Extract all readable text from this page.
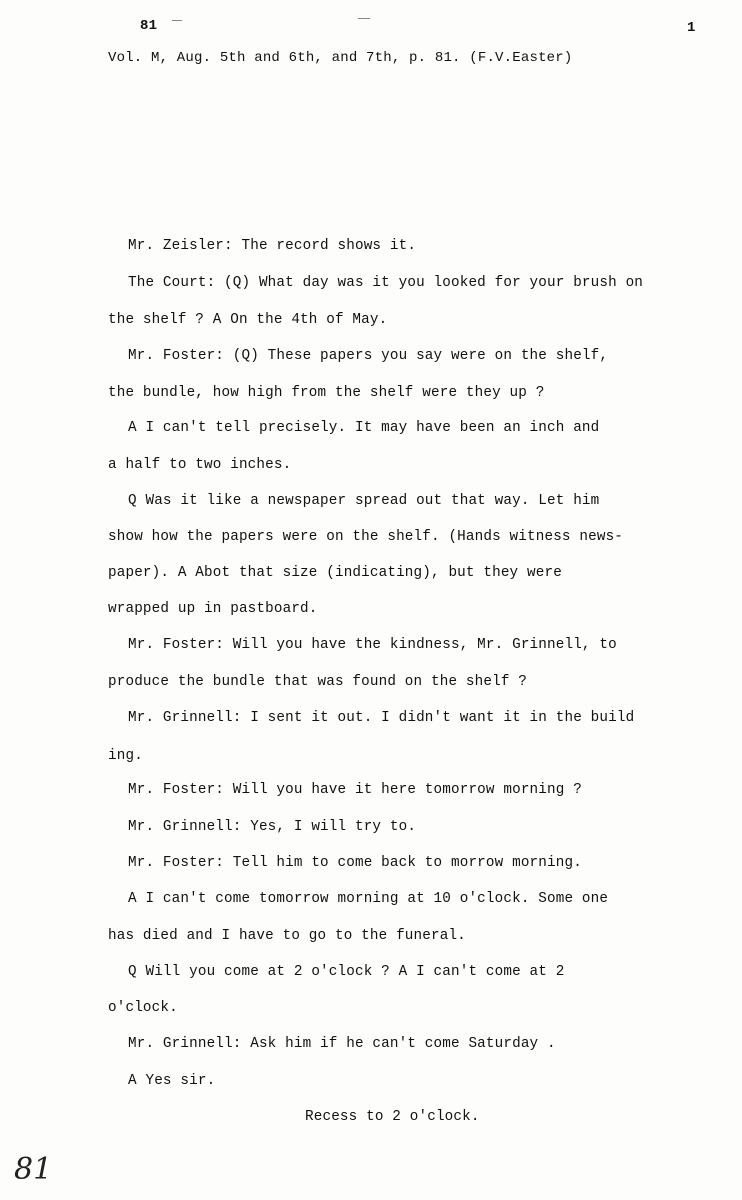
81	1
Vol. M, Aug. 5th and 6th, and 7th, p. 81. (F.V.Easter)
Mr. Zeisler: The record shows it.
The Court: (Q) What day was it you looked for your brush on
the shelf ? A On the 4th of May.
Mr. Foster: (Q) These papers you say were on the shelf,
the bundle, how high from the shelf were they up ?
A I can't tell precisely. It may have been an inch and
a half to two inches.
Q Was it like a newspaper spread out that way. Let him
show how the papers were on the shelf. (Hands witness news-
paper). A Abot that size (indicating), but they were
wrapped up in pastboard.
Mr. Foster: Will you have the kindness, Mr. Grinnell, to
produce the bundle that was found on the shelf ?
Mr. Grinnell: I sent it out. I didn't want it in the build
ing.
Mr. Foster: Will you have it here tomorrow morning ?
Mr. Grinnell: Yes, I will try to.
Mr. Foster: Tell him to come back to morrow morning.
A I can't come tomorrow morning at 10 o'clock. Some one
has died and I have to go to the funeral.
Q Will you come at 2 o'clock ? A I can't come at 2
o'clock.
Mr. Grinnell: Ask him if he can't come Saturday .
A Yes sir.
Recess to 2 o'clock.
81
